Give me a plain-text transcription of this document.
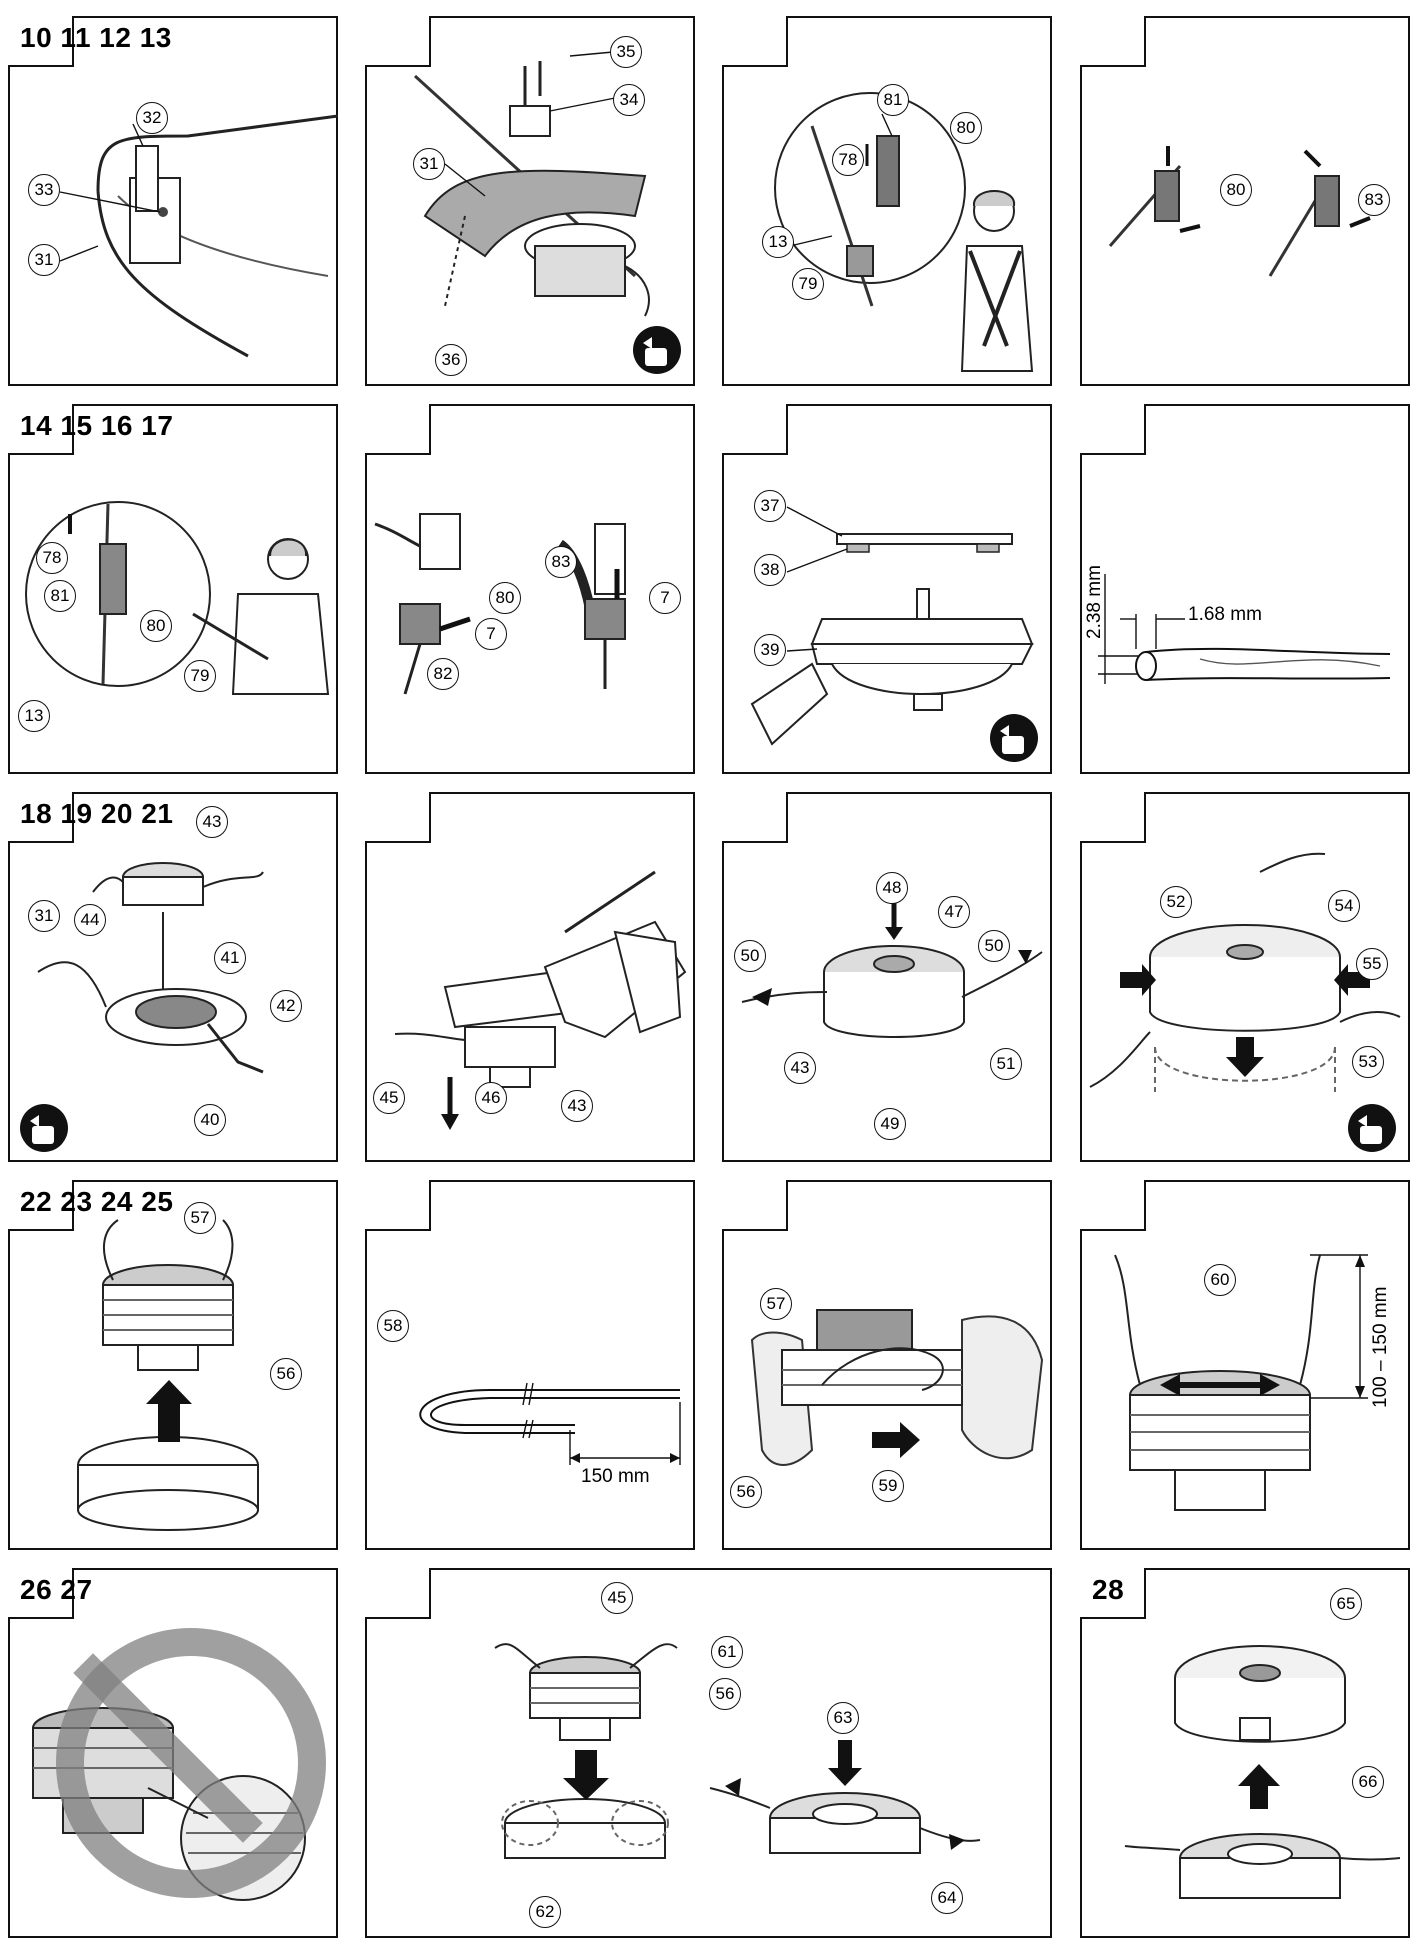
10 11 12 13
32
33
31
35
34
31
36
81
80
78
13
79
80
83
14 15 16 17
78
81
80
13
79
80
7
82
83
7
37
38
39
2.38 mm	1.68 mm
18 19 20 21	43
44
31
41
42
40
45	46	43
48
47
50
50
51
43
49
52	54
55
53
22 23 24 25
57
56
58
150 mm
57
56	59
60
100 – 150 mm
26 27	45
61
56
63
62
64
28	65
66
